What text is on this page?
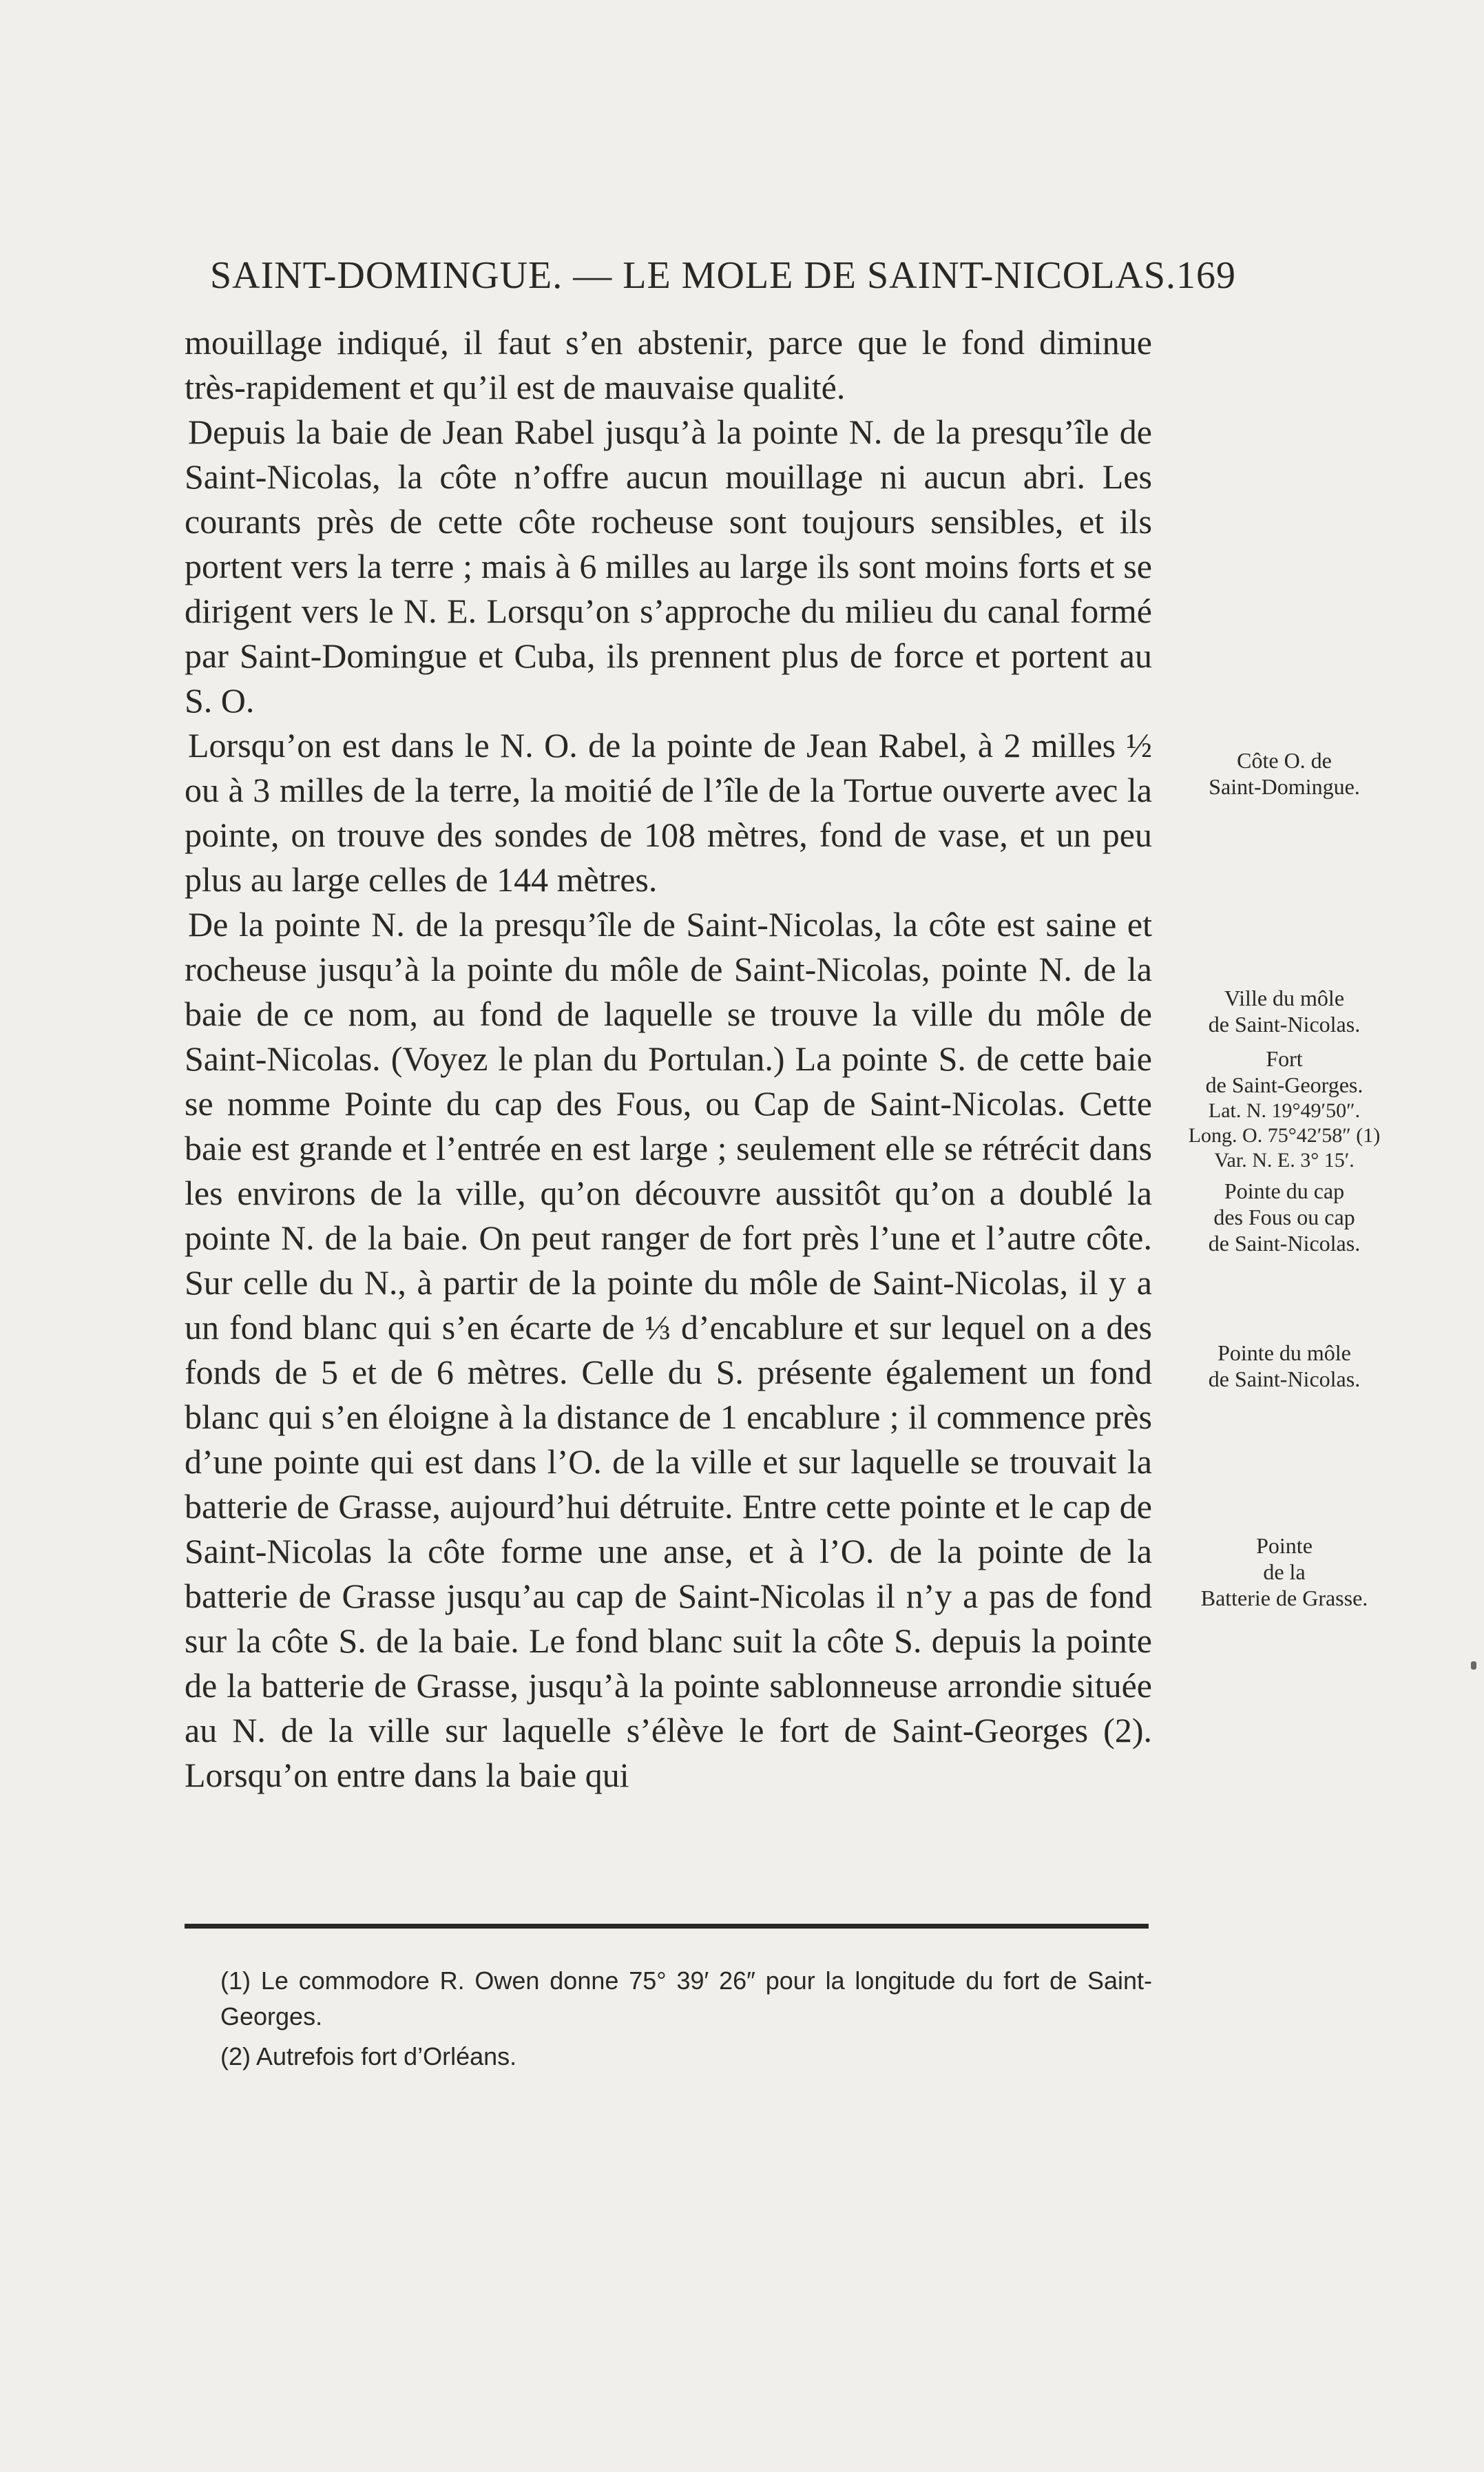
SAINT-DOMINGUE. — LE MOLE DE SAINT-NICOLAS. 169

mouillage indiqué, il faut s’en abstenir, parce que le fond diminue très-rapidement et qu’il est de mauvaise qualité.

Depuis la baie de Jean Rabel jusqu’à la pointe N. de la presqu’île de Saint-Nicolas, la côte n’offre aucun mouillage ni aucun abri. Les courants près de cette côte rocheuse sont toujours sensibles, et ils portent vers la terre ; mais à 6 milles au large ils sont moins forts et se dirigent vers le N. E. Lorsqu’on s’approche du milieu du canal formé par Saint-Domingue et Cuba, ils prennent plus de force et portent au S. O.

Lorsqu’on est dans le N. O. de la pointe de Jean Rabel, à 2 milles ½ ou à 3 milles de la terre, la moitié de l’île de la Tortue ouverte avec la pointe, on trouve des sondes de 108 mètres, fond de vase, et un peu plus au large celles de 144 mètres.

De la pointe N. de la presqu’île de Saint-Nicolas, la côte est saine et rocheuse jusqu’à la pointe du môle de Saint-Nicolas, pointe N. de la baie de ce nom, au fond de laquelle se trouve la ville du môle de Saint-Nicolas. (Voyez le plan du Portulan.) La pointe S. de cette baie se nomme Pointe du cap des Fous, ou Cap de Saint-Nicolas. Cette baie est grande et l’entrée en est large ; seulement elle se rétrécit dans les environs de la ville, qu’on découvre aussitôt qu’on a doublé la pointe N. de la baie. On peut ranger de fort près l’une et l’autre côte. Sur celle du N., à partir de la pointe du môle de Saint-Nicolas, il y a un fond blanc qui s’en écarte de ⅓ d’encablure et sur lequel on a des fonds de 5 et de 6 mètres. Celle du S. présente également un fond blanc qui s’en éloigne à la distance de 1 encablure ; il commence près d’une pointe qui est dans l’O. de la ville et sur laquelle se trouvait la batterie de Grasse, aujourd’hui détruite. Entre cette pointe et le cap de Saint-Nicolas la côte forme une anse, et à l’O. de la pointe de la batterie de Grasse jusqu’au cap de Saint-Nicolas il n’y a pas de fond sur la côte S. de la baie. Le fond blanc suit la côte S. depuis la pointe de la batterie de Grasse, jusqu’à la pointe sablonneuse arrondie située au N. de la ville sur laquelle s’élève le fort de Saint-Georges (2). Lorsqu’on entre dans la baie qui

Côte O. de
Saint-Domingue.
Ville du môle
de Saint-Nicolas.
Fort
de Saint-Georges.
Lat. N. 19°49′50″.
Long. O. 75°42′58″ (1)
Var. N. E. 3° 15′.
Pointe du cap
des Fous ou cap
de Saint-Nicolas.
Pointe du môle
de Saint-Nicolas.
Pointe
de la
Batterie de Grasse.

(1) Le commodore R. Owen donne 75° 39′ 26″ pour la longitude du fort de Saint-Georges.

(2) Autrefois fort d’Orléans.
